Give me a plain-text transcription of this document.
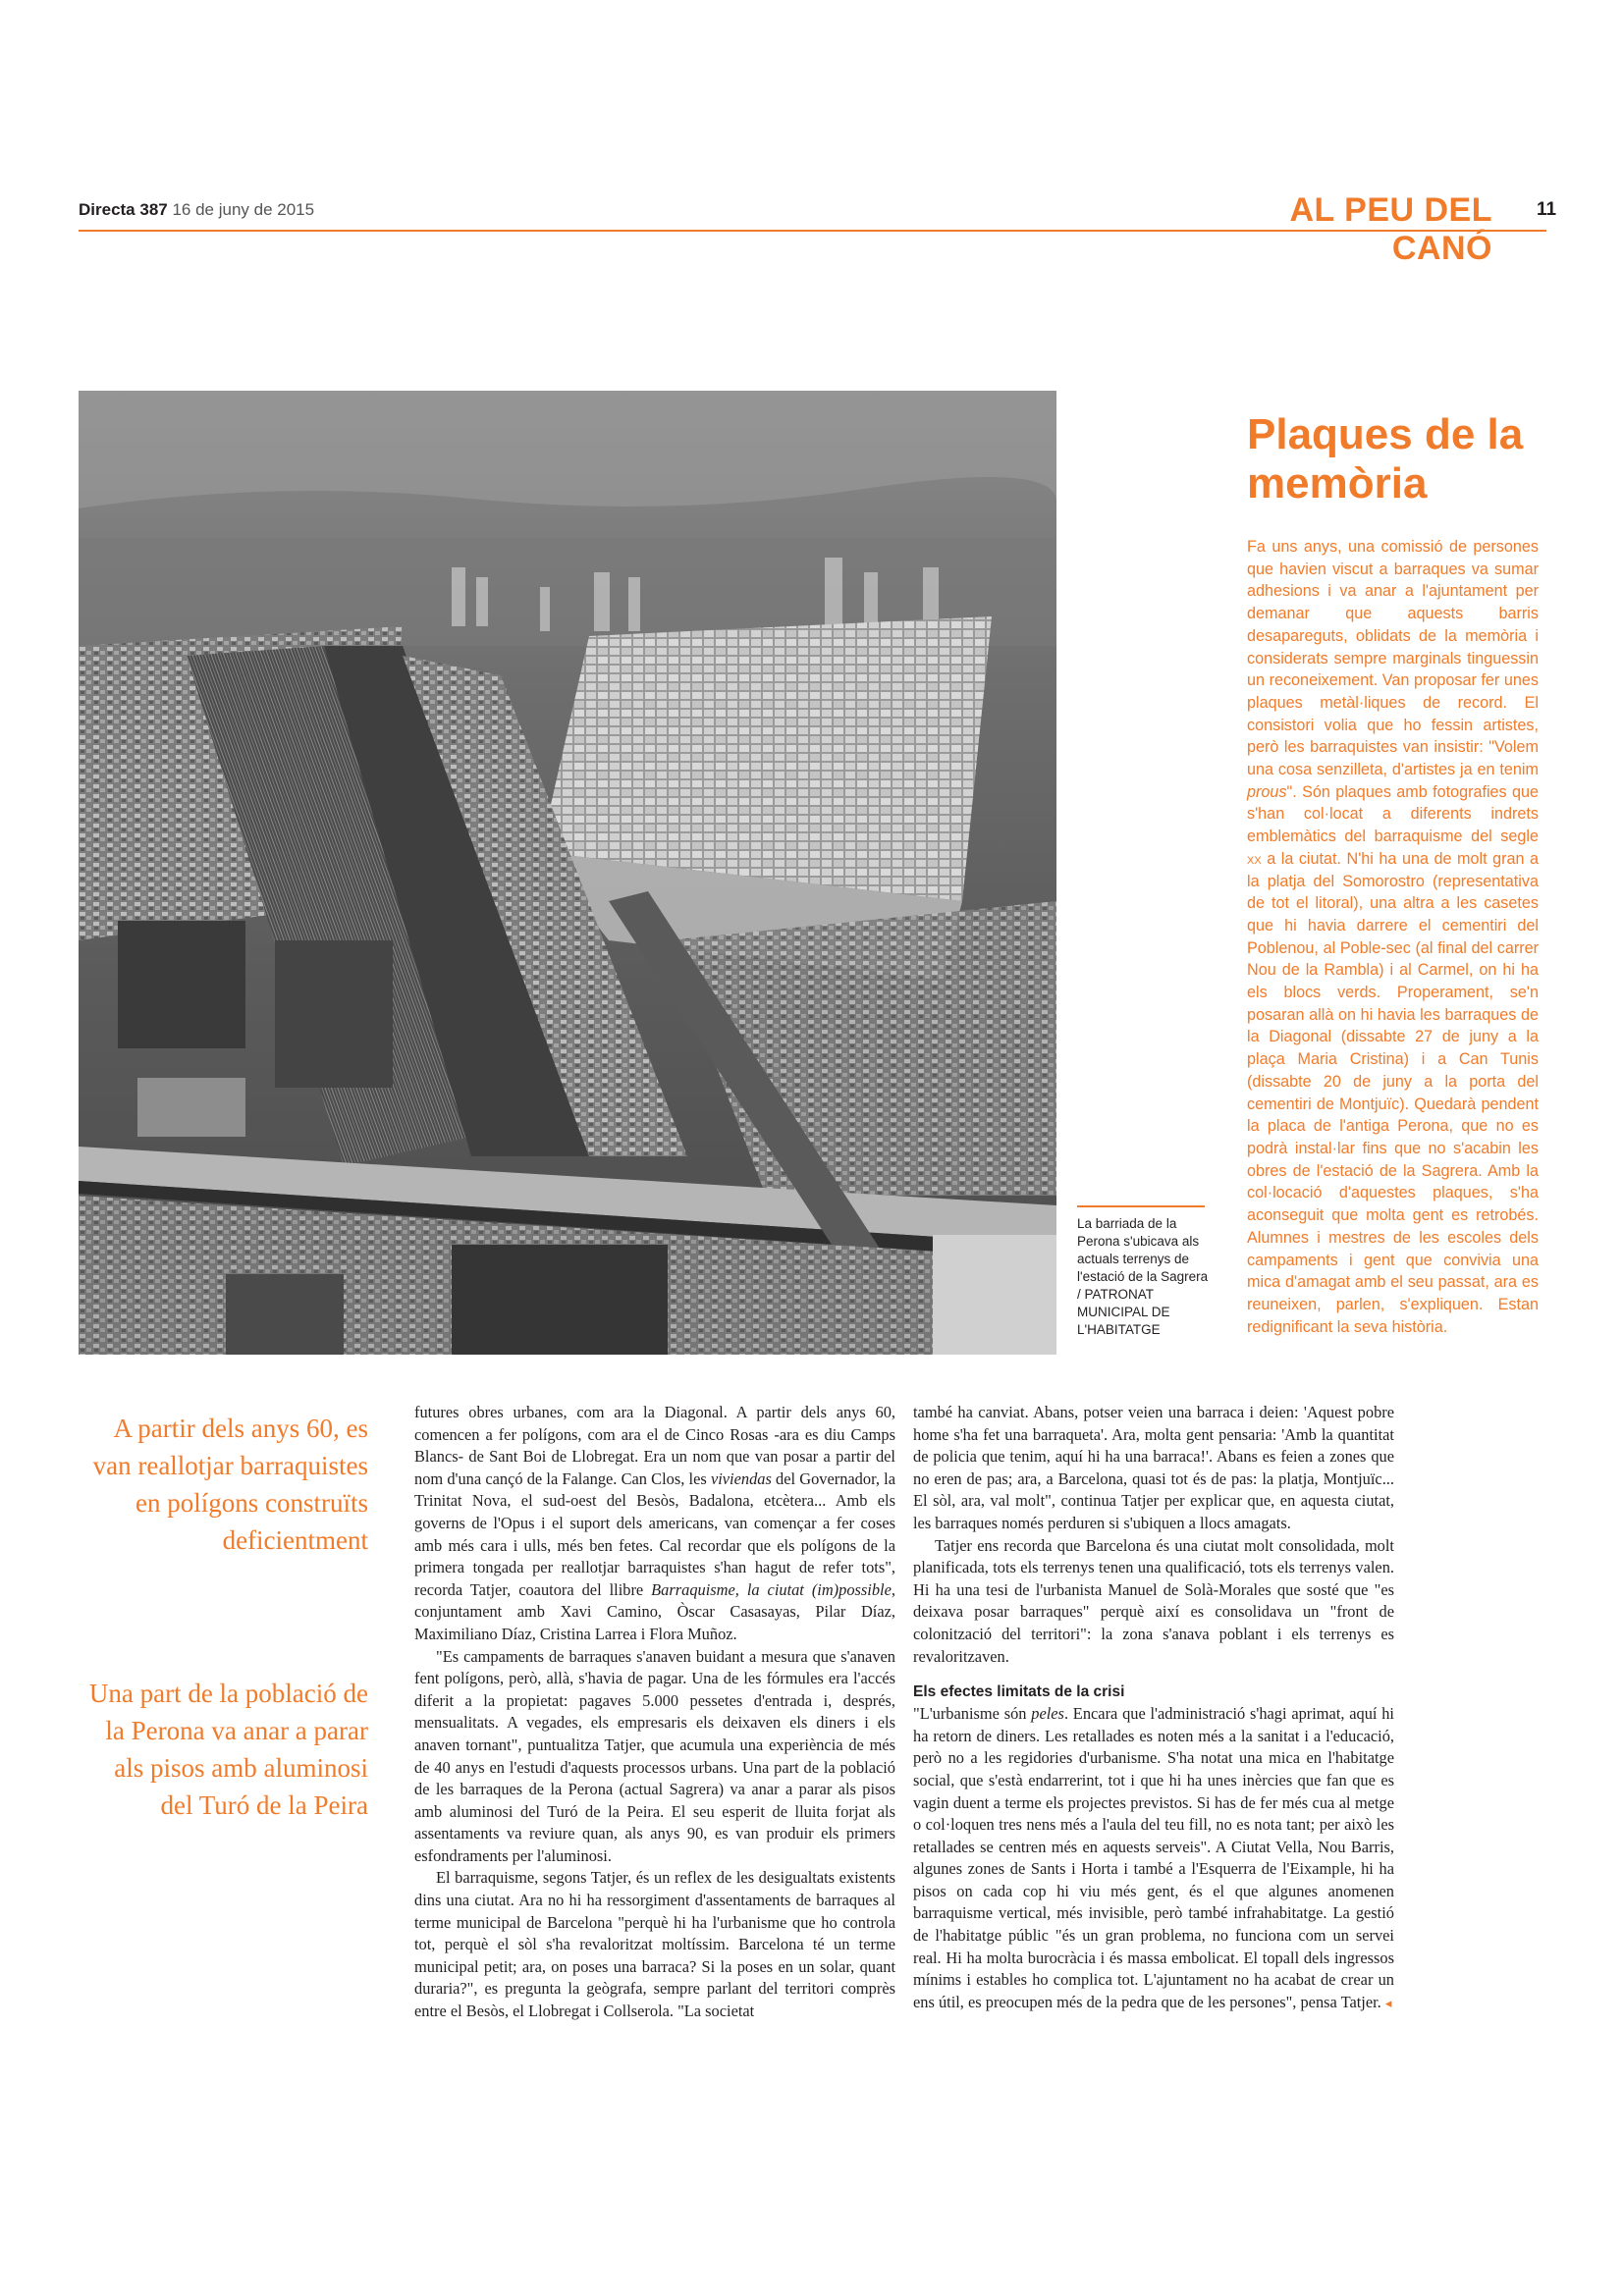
Directa 387 16 de juny de 2015	AL PEU DEL CANÓ
11
La barriada de la Perona s'ubicava als actuals terrenys de l'estació de la Sagrera / PATRONAT MUNICIPAL DE L'HABITATGE
Plaques de la memòria

Fa uns anys, una comissió de persones que havien viscut a barraques va sumar adhesions i va anar a l'ajuntament per demanar que aquests barris desapareguts, oblidats de la memòria i considerats sempre marginals tinguessin un reconeixement. Van proposar fer unes plaques metàl·liques de record. El consistori volia que ho fessin artistes, però les barraquistes van insistir: "Volem una cosa senzilleta, d'artistes ja en tenim prous". Són plaques amb fotografies que s'han col·locat a diferents indrets emblemàtics del barraquisme del segle xx a la ciutat. N'hi ha una de molt gran a la platja del Somorostro (representativa de tot el litoral), una altra a les casetes que hi havia darrere el cementiri del Poblenou, al Poble-sec (al final del carrer Nou de la Rambla) i al Carmel, on hi ha els blocs verds. Properament, se'n posaran allà on hi havia les barraques de la Diagonal (dissabte 27 de juny a la plaça Maria Cristina) i a Can Tunis (dissabte 20 de juny a la porta del cementiri de Montjuïc). Quedarà pendent la placa de l'antiga Perona, que no es podrà instal·lar fins que no s'acabin les obres de l'estació de la Sagrera. Amb la col·locació d'aquestes plaques, s'ha aconseguit que molta gent es retrobés. Alumnes i mestres de les escoles dels campaments i gent que convivia una mica d'amagat amb el seu passat, ara es reuneixen, parlen, s'expliquen. Estan redignificant la seva història.

A partir dels anys 60, es van reallotjar barraquistes en polígons construïts deficientment
Una part de la població de la Perona va anar a parar als pisos amb aluminosi del Turó de la Peira

futures obres urbanes, com ara la Diagonal. A partir dels anys 60, comencen a fer polígons, com ara el de Cinco Rosas -ara es diu Camps Blancs- de Sant Boi de Llobregat. Era un nom que van posar a partir del nom d'una cançó de la Falange. Can Clos, les viviendas del Governador, la Trinitat Nova, el sud-oest del Besòs, Badalona, etcètera... Amb els governs de l'Opus i el suport dels americans, van començar a fer coses amb més cara i ulls, més ben fetes. Cal recordar que els polígons de la primera tongada per reallotjar barraquistes s'han hagut de refer tots", recorda Tatjer, coautora del llibre Barraquisme, la ciutat (im)possible, conjuntament amb Xavi Camino, Òscar Casasayas, Pilar Díaz, Maximiliano Díaz, Cristina Larrea i Flora Muñoz.

"Es campaments de barraques s'anaven buidant a mesura que s'anaven fent polígons, però, allà, s'havia de pagar. Una de les fórmules era l'accés diferit a la propietat: pagaves 5.000 pessetes d'entrada i, després, mensualitats. A vegades, els empresaris els deixaven els diners i els anaven tornant", puntualitza Tatjer, que acumula una experiència de més de 40 anys en l'estudi d'aquests processos urbans. Una part de la població de les barraques de la Perona (actual Sagrera) va anar a parar als pisos amb aluminosi del Turó de la Peira. El seu esperit de lluita forjat als assentaments va reviure quan, als anys 90, es van produir els primers esfondraments per l'aluminosi.

El barraquisme, segons Tatjer, és un reflex de les desigualtats existents dins una ciutat. Ara no hi ha ressorgiment d'assentaments de barraques al terme municipal de Barcelona "perquè hi ha l'urbanisme que ho controla tot, perquè el sòl s'ha revaloritzat moltíssim. Barcelona té un terme municipal petit; ara, on poses una barraca? Si la poses en un solar, quant duraria?", es pregunta la geògrafa, sempre parlant del territori comprès entre el Besòs, el Llobregat i Collserola. "La societat

també ha canviat. Abans, potser veien una barraca i deien: 'Aquest pobre home s'ha fet una barraqueta'. Ara, molta gent pensaria: 'Amb la quantitat de policia que tenim, aquí hi ha una barraca!'. Abans es feien a zones que no eren de pas; ara, a Barcelona, quasi tot és de pas: la platja, Montjuïc... El sòl, ara, val molt", continua Tatjer per explicar que, en aquesta ciutat, les barraques només perduren si s'ubiquen a llocs amagats.

Tatjer ens recorda que Barcelona és una ciutat molt consolidada, molt planificada, tots els terrenys tenen una qualificació, tots els terrenys valen. Hi ha una tesi de l'urbanista Manuel de Solà-Morales que sosté que "es deixava posar barraques" perquè així es consolidava un "front de colonització del territori": la zona s'anava poblant i els terrenys es revaloritzaven.

Els efectes limitats de la crisi

"L'urbanisme són peles. Encara que l'administració s'hagi aprimat, aquí hi ha retorn de diners. Les retallades es noten més a la sanitat i a l'educació, però no a les regidories d'urbanisme. S'ha notat una mica en l'habitatge social, que s'està endarrerint, tot i que hi ha unes inèrcies que fan que es vagin duent a terme els projectes previstos. Si has de fer més cua al metge o col·loquen tres nens més a l'aula del teu fill, no es nota tant; per això les retallades se centren més en aquests serveis". A Ciutat Vella, Nou Barris, algunes zones de Sants i Horta i també a l'Esquerra de l'Eixample, hi ha pisos on cada cop hi viu més gent, és el que algunes anomenen barraquisme vertical, més invisible, però també infrahabitatge. La gestió de l'habitatge públic "és un gran problema, no funciona com un servei real. Hi ha molta burocràcia i és massa embolicat. El topall dels ingressos mínims i estables ho complica tot. L'ajuntament no ha acabat de crear un ens útil, es preocupen més de la pedra que de les persones", pensa Tatjer. ◂
